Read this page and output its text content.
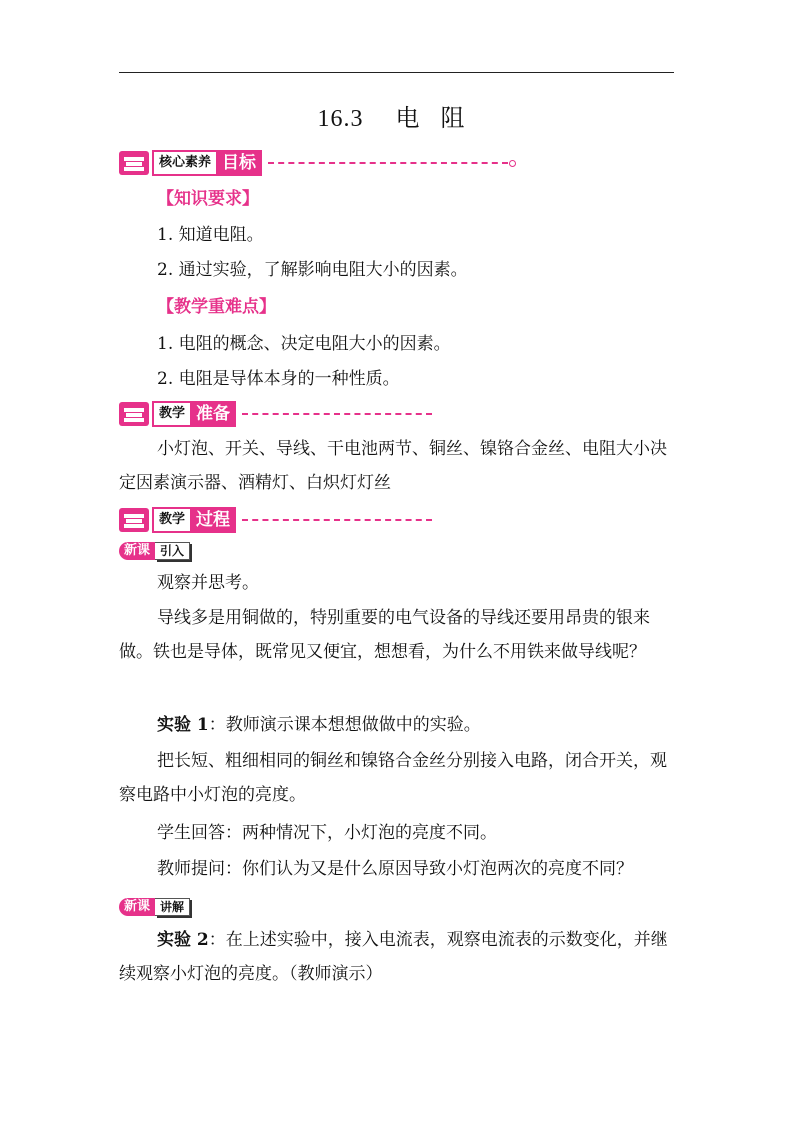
16.3 电 阻
核心素养 目标
【知识要求】
1. 知道电阻。
2. 通过实验，了解影响电阻大小的因素。
【教学重难点】
1. 电阻的概念、决定电阻大小的因素。
2. 电阻是导体本身的一种性质。
教学 准备
小灯泡、开关、导线、干电池两节、铜丝、镍铬合金丝、电阻大小决定因素演示器、酒精灯、白炽灯灯丝
教学 过程
新课 引入
观察并思考。
导线多是用铜做的，特别重要的电气设备的导线还要用昂贵的银来做。铁也是导体，既常见又便宜，想想看，为什么不用铁来做导线呢？
实验 1：教师演示课本想想做做中的实验。
把长短、粗细相同的铜丝和镍铬合金丝分别接入电路，闭合开关，观察电路中小灯泡的亮度。
学生回答：两种情况下，小灯泡的亮度不同。
教师提问：你们认为又是什么原因导致小灯泡两次的亮度不同？
新课 讲解
实验 2：在上述实验中，接入电流表，观察电流表的示数变化，并继续观察小灯泡的亮度。（教师演示）
